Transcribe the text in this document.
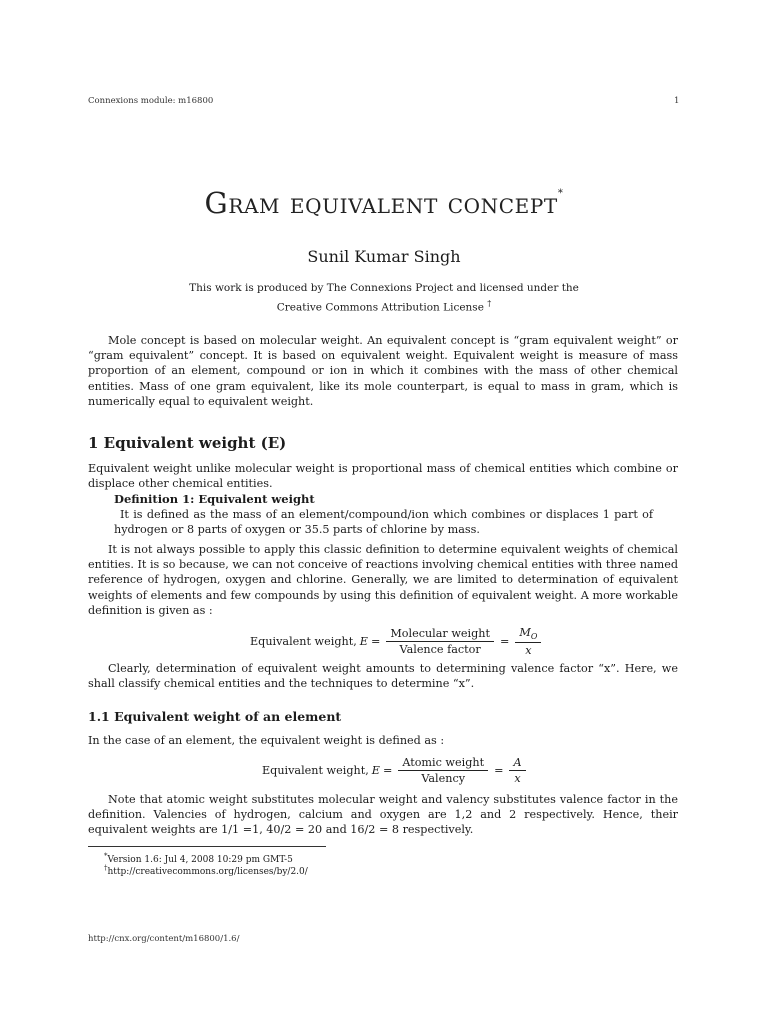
Connexions module: m16800	1
Gram equivalent concept*
Sunil Kumar Singh
This work is produced by The Connexions Project and licensed under the
Creative Commons Attribution License †
Mole concept is based on molecular weight. An equivalent concept is “gram equivalent weight” or “gram equivalent” concept. It is based on equivalent weight. Equivalent weight is measure of mass proportion of an element, compound or ion in which it combines with the mass of other chemical entities. Mass of one gram equivalent, like its mole counterpart, is equal to mass in gram, which is numerically equal to equivalent weight.
1 Equivalent weight (E)
Equivalent weight unlike molecular weight is proportional mass of chemical entities which combine or displace other chemical entities.
Definition 1: Equivalent weight
It is defined as the mass of an element/compound/ion which combines or displaces 1 part of hydrogen or 8 parts of oxygen or 35.5 parts of chlorine by mass.
It is not always possible to apply this classic definition to determine equivalent weights of chemical entities. It is so because, we can not conceive of reactions involving chemical entities with three named reference of hydrogen, oxygen and chlorine. Generally, we are limited to determination of equivalent weights of elements and few compounds by using this definition of equivalent weight. A more workable definition is given as :
Equivalent weight, $E = \frac{\text{Molecular weight}}{\text{Valence factor}} = \frac{M_O}{x}$
Clearly, determination of equivalent weight amounts to determining valence factor “x”. Here, we shall classify chemical entities and the techniques to determine “x”.
1.1 Equivalent weight of an element
In the case of an element, the equivalent weight is defined as :
Equivalent weight, $E = \frac{\text{Atomic weight}}{\text{Valency}} = \frac{A}{x}$
Note that atomic weight substitutes molecular weight and valency substitutes valence factor in the definition. Valencies of hydrogen, calcium and oxygen are 1,2 and 2 respectively. Hence, their equivalent weights are 1/1 =1, 40/2 = 20 and 16/2 = 8 respectively.
*Version 1.6: Jul 4, 2008 10:29 pm GMT-5
†http://creativecommons.org/licenses/by/2.0/
http://cnx.org/content/m16800/1.6/
